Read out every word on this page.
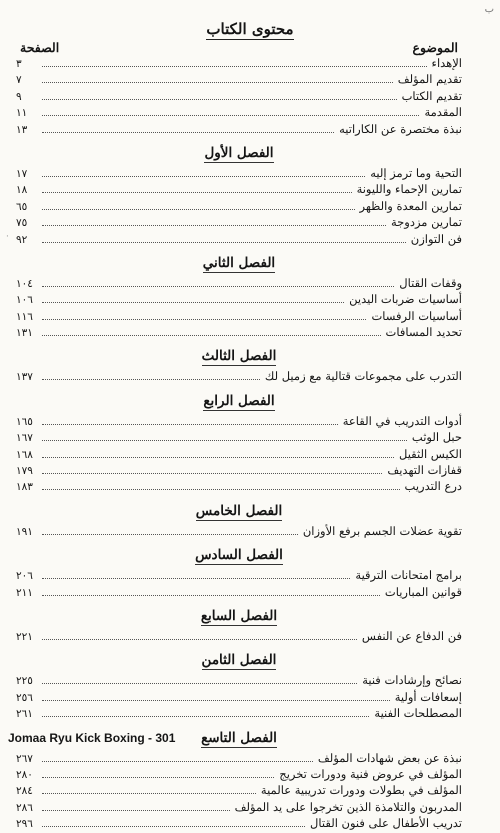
ب
·
محتوى الكتاب
الموضوع
الصفحة
الإهداء
٣
تقديم المؤلف
٧
تقديم الكتاب
٩
المقدمة
١١
نبذة مختصرة عن الكاراتيه
١٣
الفصل الأول
التحية وما ترمز إليه
١٧
تمارين الإحماء والليونة
١٨
تمارين المعدة والظهر
٦٥
تمارين مزدوجة
٧٥
فن التوازن
٩٢
الفصل الثاني
وقفات القتال
١٠٤
أساسيات ضربات اليدين
١٠٦
أساسيات الرفسات
١١٦
تحديد المسافات
١٣١
الفصل الثالث
التدرب على مجموعات قتالية مع زميل لك
١٣٧
الفصل الرابع
أدوات التدريب في القاعة
١٦٥
حبل الوثب
١٦٧
الكيس الثقيل
١٦٨
قفازات التهديف
١٧٩
درع التدريب
١٨٣
الفصل الخامس
تقوية عضلات الجسم برفع الأوزان
١٩١
الفصل السادس
برامج امتحانات الترقية
٢٠٦
قوانين المباريات
٢١١
الفصل السابع
فن الدفاع عن النفس
٢٢١
الفصل الثامن
نصائح وإرشادات فنية
٢٢٥
إسعافات أولية
٢٥٦
المصطلحات الفنية
٢٦١
الفصل التاسع
نبذة عن بعض شهادات المؤلف
٢٦٧
المؤلف في عروض فنية ودورات تخريج
٢٨٠
المؤلف في بطولات ودورات تدريبية عالمية
٢٨٤
المدربون والتلامذة الذين تخرجوا على يد المؤلف
٢٨٦
تدريب الأطفال على فنون القتال
٢٩٦
Jomaa Ryu Kick Boxing - 301
